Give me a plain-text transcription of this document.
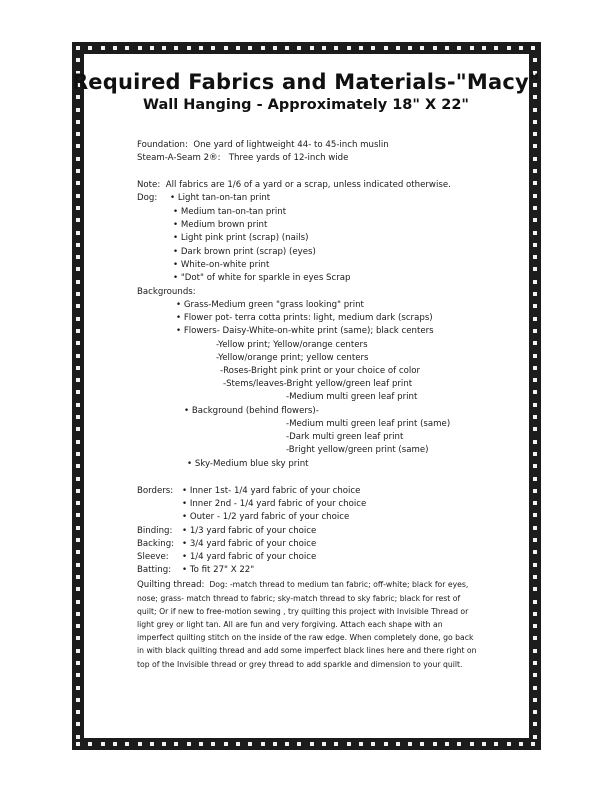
Required Fabrics and Materials-"Macy"
Wall Hanging - Approximately 18" X 22"
Foundation: One yard of lightweight 44- to 45-inch muslin
Steam-A-Seam 2®: Three yards of 12-inch wide
Note: All fabrics are 1/6 of a yard or a scrap, unless indicated otherwise.
Dog:	• Light tan-on-tan print
• Medium tan-on-tan print
• Medium brown print
• Light pink print (scrap) (nails)
• Dark brown print (scrap) (eyes)
• White-on-white print
• "Dot" of white for sparkle in eyes Scrap
Backgrounds:
• Grass-Medium green "grass looking" print
• Flower pot- terra cotta prints: light, medium dark (scraps)
• Flowers- Daisy-White-on-white print (same); black centers
-Yellow print; Yellow/orange centers
-Yellow/orange print; yellow centers
-Roses-Bright pink print or your choice of color
-Stems/leaves-Bright yellow/green leaf print
-Medium multi green leaf print
• Background (behind flowers)-
-Medium multi green leaf print (same)
-Dark multi green leaf print
-Bright yellow/green print (same)
• Sky-Medium blue sky print
Borders:	• Inner 1st- 1/4 yard fabric of your choice
• Inner 2nd - 1/4 yard fabric of your choice
• Outer - 1/2 yard fabric of your choice
Binding:	• 1/3 yard fabric of your choice
Backing:	• 3/4 yard fabric of your choice
Sleeve:	• 1/4 yard fabric of your choice
Batting:	• To fit 27" X 22"
Quilting thread: Dog: -match thread to medium tan fabric; off-white; black for eyes, nose; grass- match thread to fabric; sky-match thread to sky fabric; black for rest of quilt; Or if new to free-motion sewing , try quilting this project with Invisible Thread or light grey or light tan. All are fun and very forgiving. Attach each shape with an imperfect quilting stitch on the inside of the raw edge. When completely done, go back in with black quilting thread and add some imperfect black lines here and there right on top of the Invisible thread or grey thread to add sparkle and dimension to your quilt.
